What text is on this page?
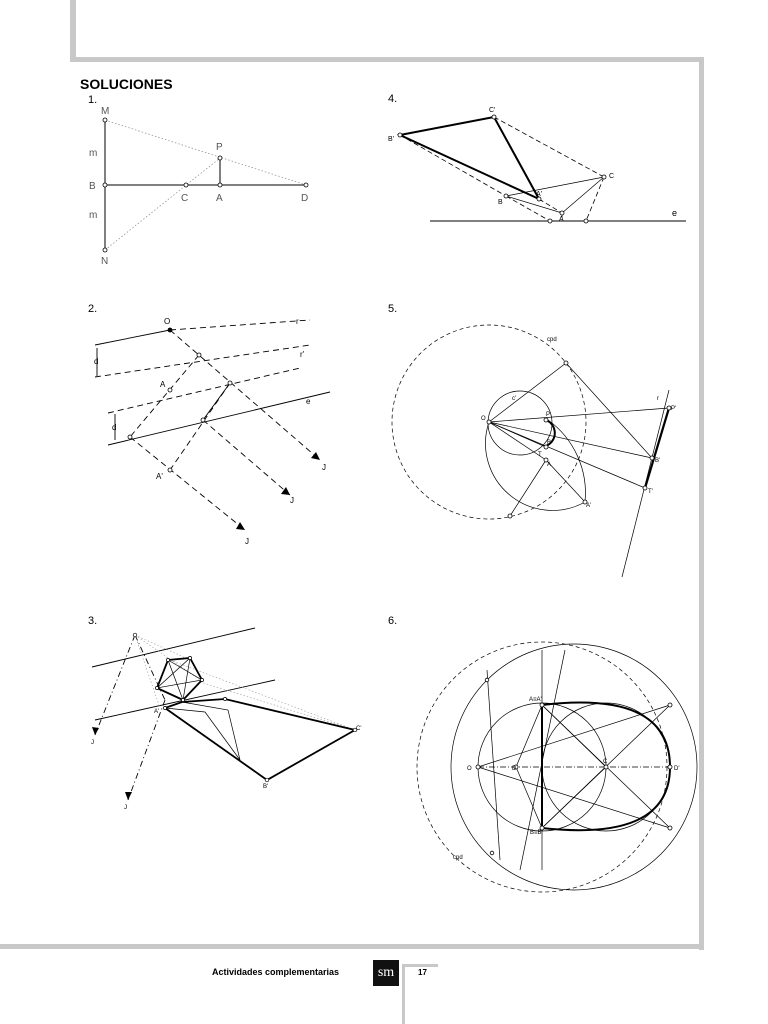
SOLUCIONES
1.
2.
3.
4.
5.
6.
M
m
B
m
N
P
C	A	D
O
d
r
r'
A
e
d
J
J
J
A'
J
J
C'
B'
A'
C'
B'
A'
C
B
A
e
cpd
c'
O
P
B
T
A
A'
r
P'
B'
T'
A≡A'
O	D
C
D'
B≡B'
cpd
Actividades complementarias	sm	17
